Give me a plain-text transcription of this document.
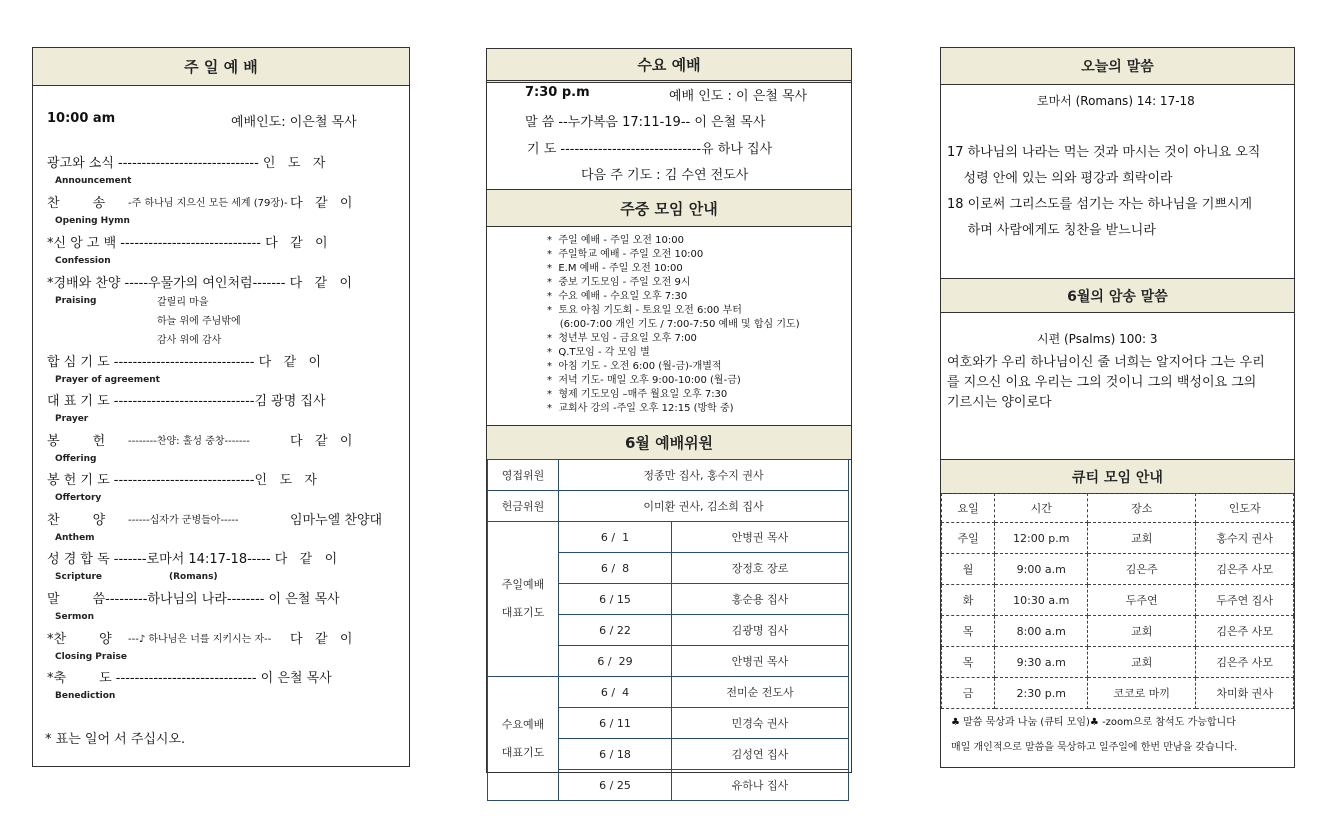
주 일 예 배
10:00 am	예배인도: 이은철 목사
갈릴리 마을
하늘 위에 주님밖에
감사 위에 감사
* 표는 일어 서 주십시오.
광고와 소식 ------------------------------ 인   도   자
Announcement
찬        송 -주 하나님 지으신 모든 세계 (79장)- 다   같   이
Opening Hymn
*신 앙 고 백 ------------------------------ 다   같   이
Confession
*경배와 찬양 -----우물가의 여인처럼------- 다   같   이
Praising
합 심 기 도 ------------------------------ 다   같   이
Prayer of agreement
대 표 기 도 ------------------------------김 광명 집사
Prayer
봉        헌 --------찬양: 홀성 중창-------	다   같   이
Offering
봉 헌 기 도 ------------------------------인   도   자
Offertory
찬        양 ------십자가 군병들아-----	임마누엘 찬양대
Anthem
성 경 합 독 -------로마서 14:17-18----- 다   같   이
Scripture	(Romans)
말        씀---------하나님의 나라-------- 이 은철 목사
Sermon
*찬        양 ---♪ 하나님은 너를 지키시는 자-- 다   같   이
Closing Praise
*축        도 ------------------------------ 이 은철 목사
Benediction
수요 예배
7:30 p.m	예배 인도 : 이 은철 목사
말 씀 --누가복음 17:11-19-- 이 은철 목사
기 도 ------------------------------유 하나 집사
다음 주 기도 : 김 수연 전도사
주중 모임 안내
*  주일 예배 - 주일 오전 10:00
*  주일학교 예배 - 주일 오전 10:00
*  E.M 예배 - 주일 오전 10:00
*  중보 기도모임 - 주일 오전 9시
*  수요 예배 - 수요일 오후 7:30
*  토요 아침 기도회 - 토요일 오전 6:00 부터
(6:00-7:00 개인 기도 / 7:00-7:50 예배 및 합심 기도)
*  청년부 모임 - 금요일 오후 7:00
*  Q.T모임 - 각 모임 별
*  아침 기도 - 오전 6:00 (월-금)-개별적
*  저녁 기도- 매일 오후 9:00-10:00 (월-금)
*  형제 기도모임 –매주 월요일 오후 7:30
*  교회사 강의 -주일 오후 12:15 (방학 중)
6월 예배위원
영접위원	정종만 집사, 홍수지 권사	
헌금위원	이미환 권사, 김소희 집사	

주일예배
대표기도	6 /  1	안병권 목사
	6 /  8	장정호 장로
	6 / 15	홍순용 집사
	6 / 22	김광명 집사
	6 /  29	안병권 목사

수요예배
대표기도	6 /  4	전미순 전도사
	6 / 11	민경숙 권사
	6 / 18	김성연 집사
	6 / 25	유하나 집사
오늘의 말씀
로마서 (Romans) 14: 17-18
17 하나님의 나라는 먹는 것과 마시는 것이 아니요 오직
성령 안에 있는 의와 평강과 희락이라
18 이로써 그리스도를 섬기는 자는 하나님을 기쁘시게
하며 사람에게도 칭찬을 받느니라
6월의 암송 말씀
시편 (Psalms) 100: 3
여호와가 우리 하나님이신 줄 너희는 알지어다 그는 우리
를 지으신 이요 우리는 그의 것이니 그의 백성이요 그의
기르시는 양이로다
큐티 모임 안내
요일	시간	장소	인도자
주일	12:00 p.m	교회	홍수지 권사
월	9:00 a.m	김은주	김은주 사모
화	10:30 a.m	두주연	두주연 집사
목	8:00 a.m	교회	김은주 사모
목	9:30 a.m	교회	김은주 사모
금	2:30 p.m	코코로 마끼	차미화 권사
♣ 말씀 묵상과 나눔 (큐티 모임)♣ -zoom으로 참석도 가능합니다
매일 개인적으로 말씀을 묵상하고 일주일에 한번 만남을 갖습니다.
